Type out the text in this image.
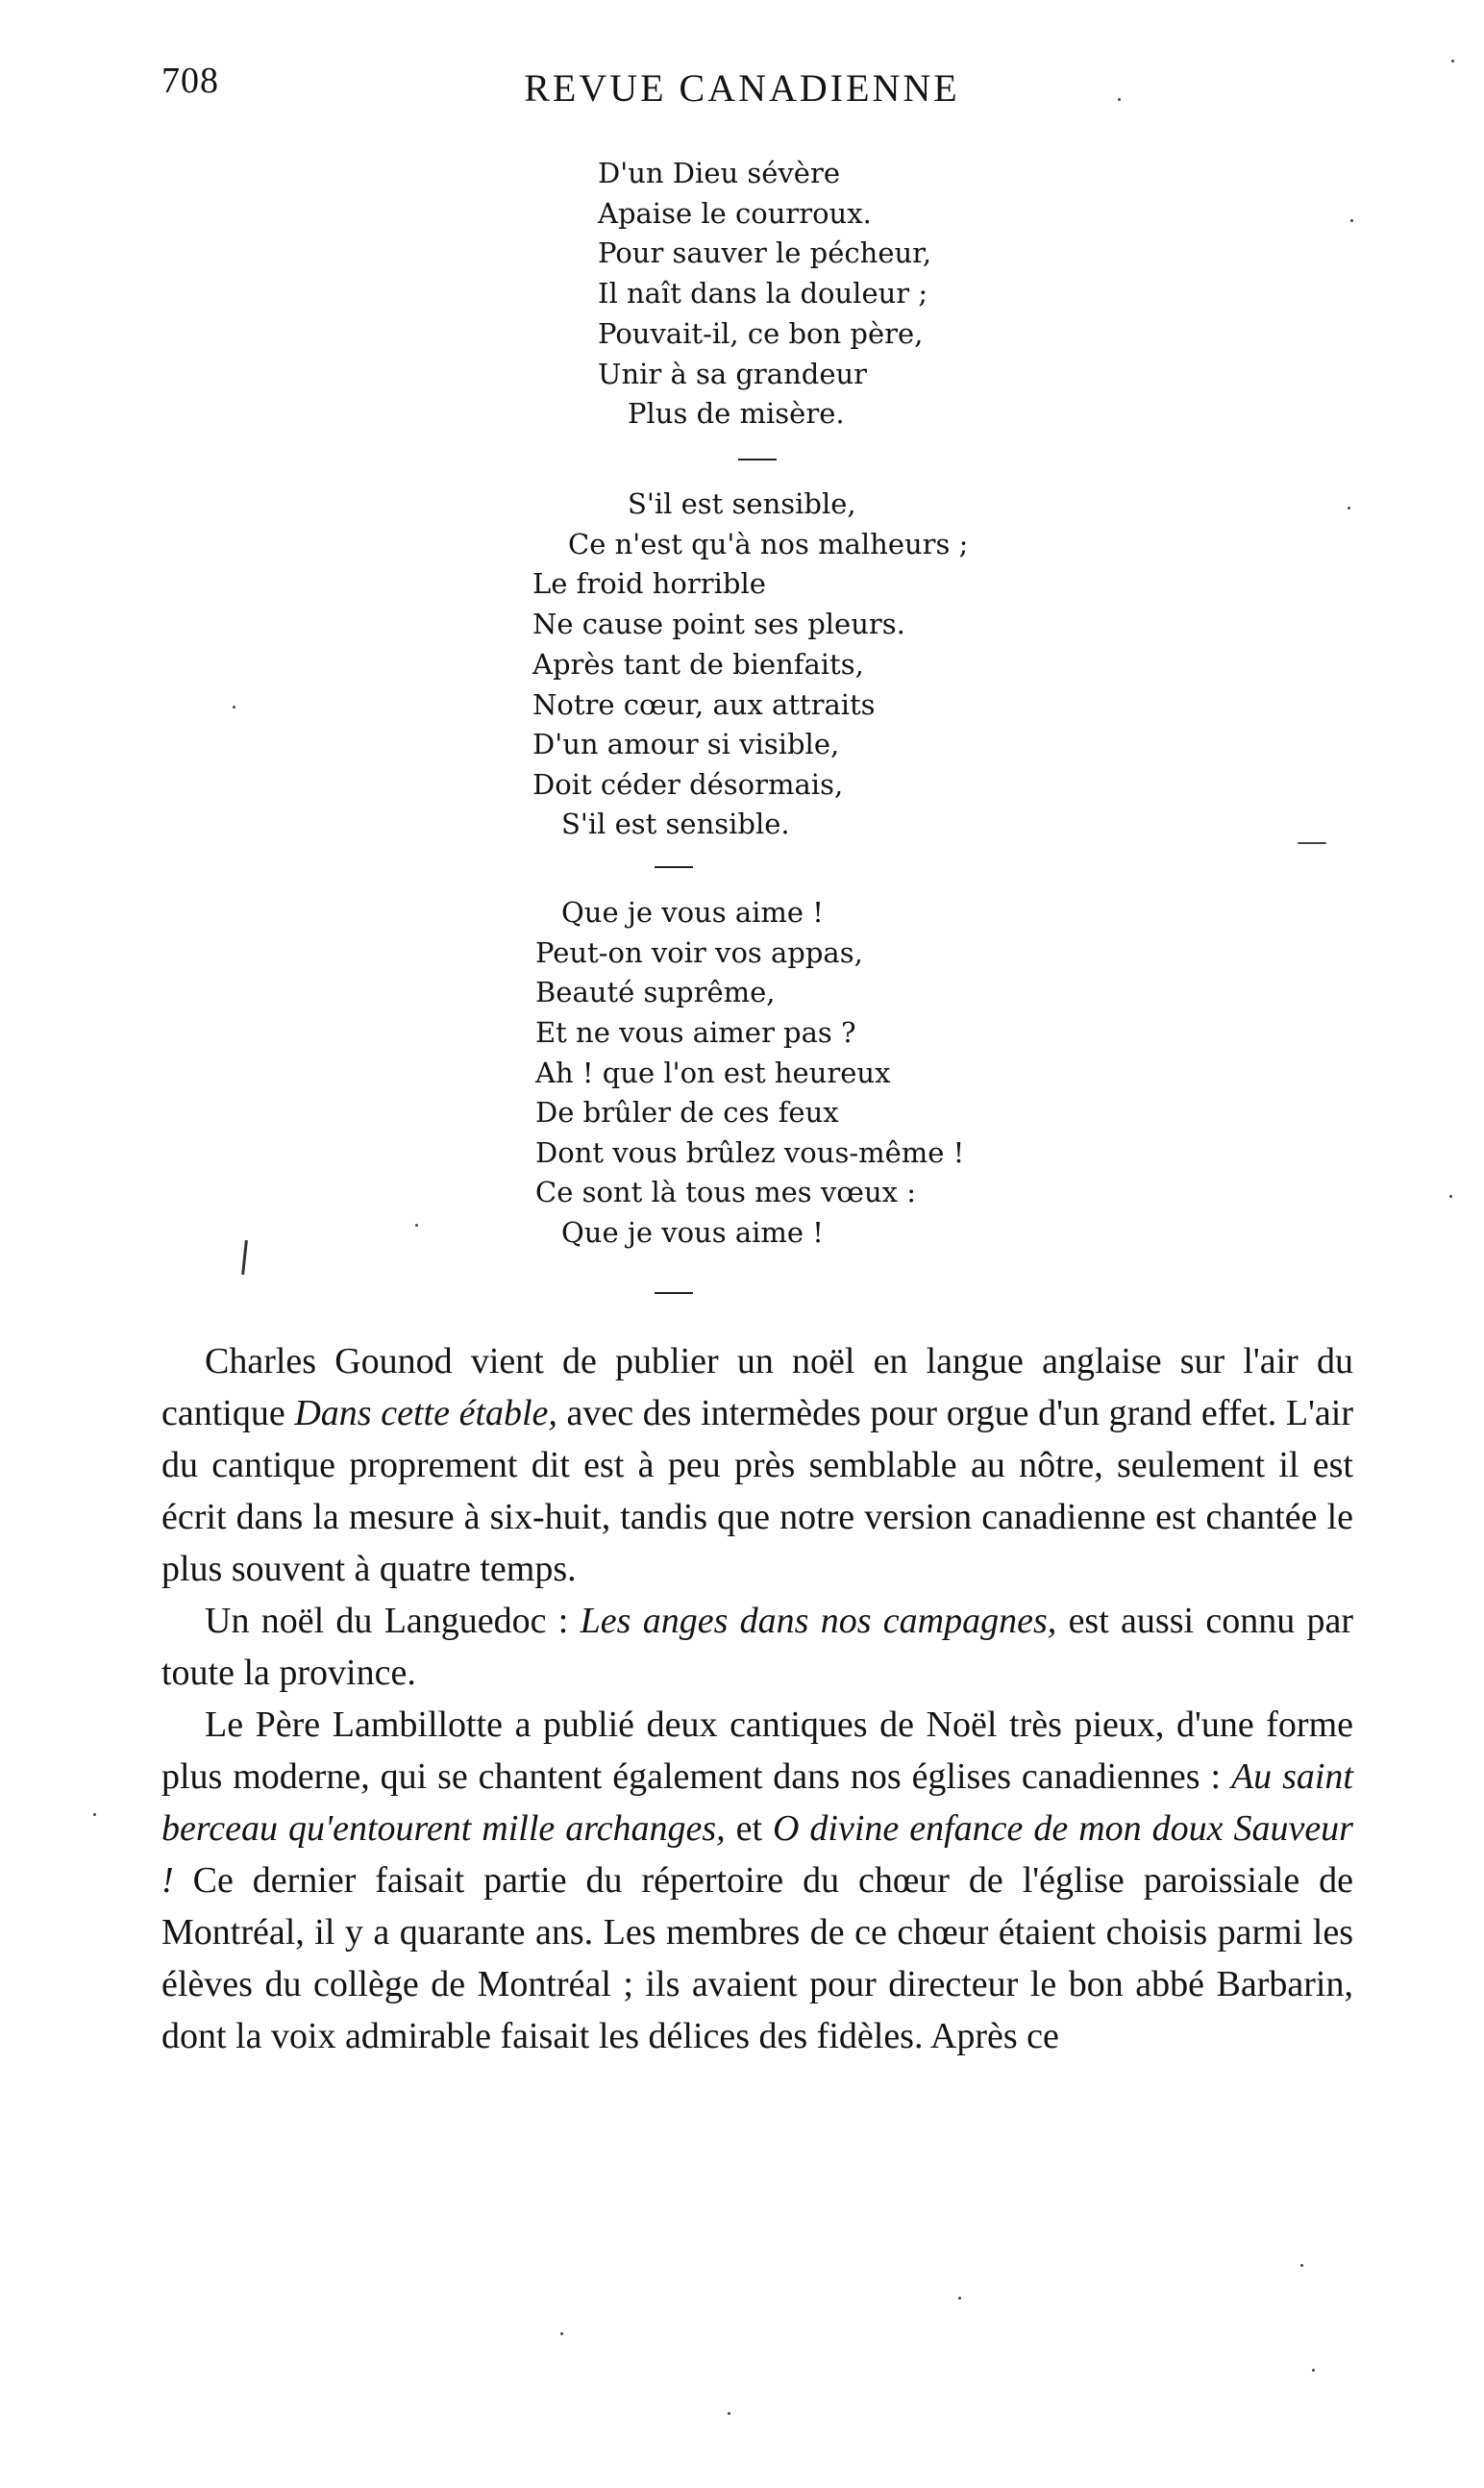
708	REVUE CANADIENNE
D'un Dieu sévère
Apaise le courroux.
Pour sauver le pécheur,
Il naît dans la douleur ;
Pouvait-il, ce bon père,
Unir à sa grandeur
Plus de misère.
S'il est sensible,
Ce n'est qu'à nos malheurs ;
Le froid horrible
Ne cause point ses pleurs.
Après tant de bienfaits,
Notre cœur, aux attraits
D'un amour si visible,
Doit céder désormais,
S'il est sensible.
Que je vous aime !
Peut-on voir vos appas,
Beauté suprême,
Et ne vous aimer pas ?
Ah ! que l'on est heureux
De brûler de ces feux
Dont vous brûlez vous-même !
Ce sont là tous mes vœux :
Que je vous aime !

Charles Gounod vient de publier un noël en langue anglaise sur l'air du cantique Dans cette étable, avec des intermèdes pour orgue d'un grand effet. L'air du cantique proprement dit est à peu près semblable au nôtre, seulement il est écrit dans la mesure à six-huit, tandis que notre version canadienne est chantée le plus souvent à quatre temps.

Un noël du Languedoc : Les anges dans nos campagnes, est aussi connu par toute la province.

Le Père Lambillotte a publié deux cantiques de Noël très pieux, d'une forme plus moderne, qui se chantent également dans nos églises canadiennes : Au saint berceau qu'entourent mille archanges, et O divine enfance de mon doux Sauveur ! Ce dernier faisait partie du répertoire du chœur de l'église paroissiale de Montréal, il y a quarante ans. Les membres de ce chœur étaient choisis parmi les élèves du collège de Montréal ; ils avaient pour directeur le bon abbé Barbarin, dont la voix admirable faisait les délices des fidèles. Après ce
